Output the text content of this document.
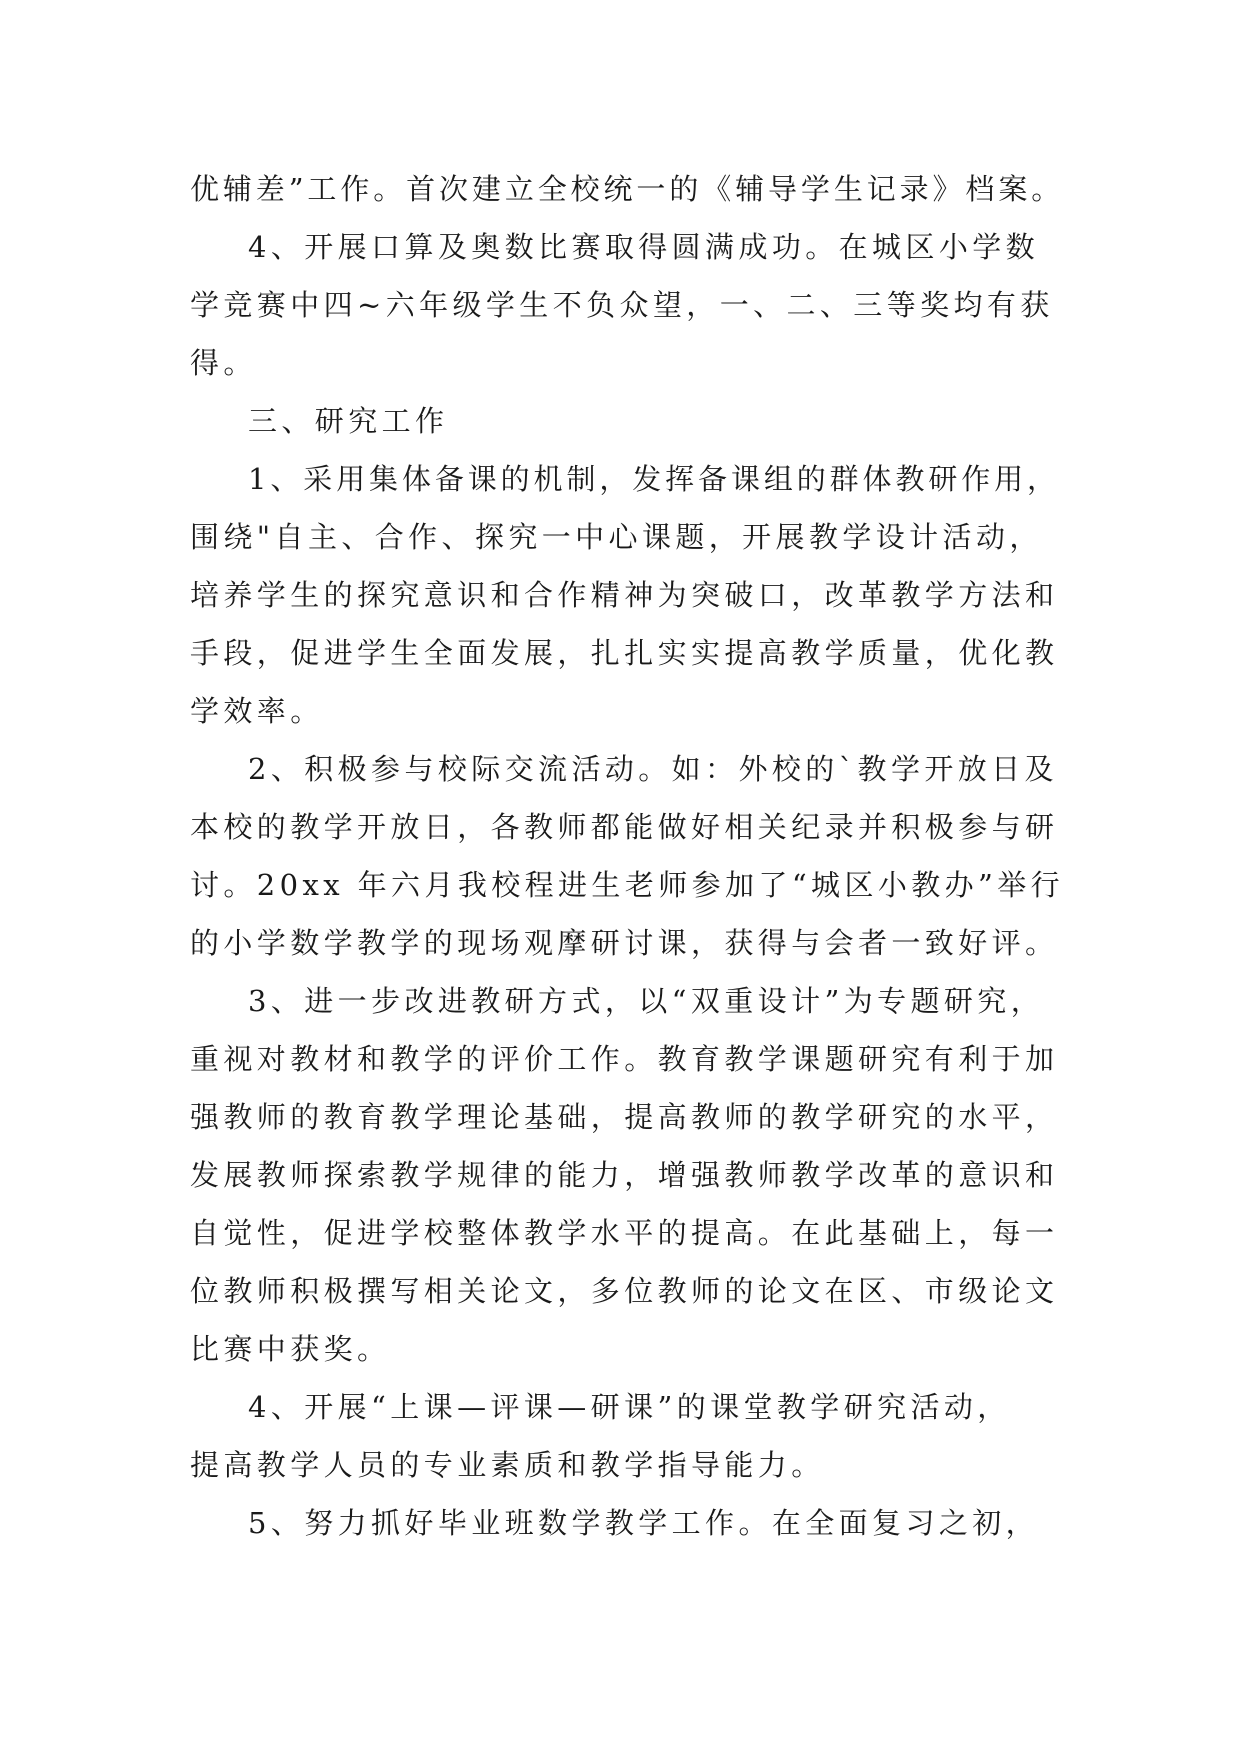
优辅差”工作。首次建立全校统一的《辅导学生记录》档案。
4、开展口算及奥数比赛取得圆满成功。在城区小学数
学竞赛中四~六年级学生不负众望，一、二、三等奖均有获
得。
三、研究工作
1、采用集体备课的机制，发挥备课组的群体教研作用，
围绕"自主、合作、探究一中心课题，开展教学设计活动，
培养学生的探究意识和合作精神为突破口，改革教学方法和
手段，促进学生全面发展，扎扎实实提高教学质量，优化教
学效率。
2、积极参与校际交流活动。如：外校的`教学开放日及
本校的教学开放日，各教师都能做好相关纪录并积极参与研
讨。20xx 年六月我校程进生老师参加了“城区小教办”举行
的小学数学教学的现场观摩研讨课，获得与会者一致好评。
3、进一步改进教研方式，以“双重设计”为专题研究，
重视对教材和教学的评价工作。教育教学课题研究有利于加
强教师的教育教学理论基础，提高教师的教学研究的水平，
发展教师探索教学规律的能力，增强教师教学改革的意识和
自觉性，促进学校整体教学水平的提高。在此基础上，每一
位教师积极撰写相关论文，多位教师的论文在区、市级论文
比赛中获奖。
4、开展“上课—评课—研课”的课堂教学研究活动，
提高教学人员的专业素质和教学指导能力。
5、努力抓好毕业班数学教学工作。在全面复习之初，
